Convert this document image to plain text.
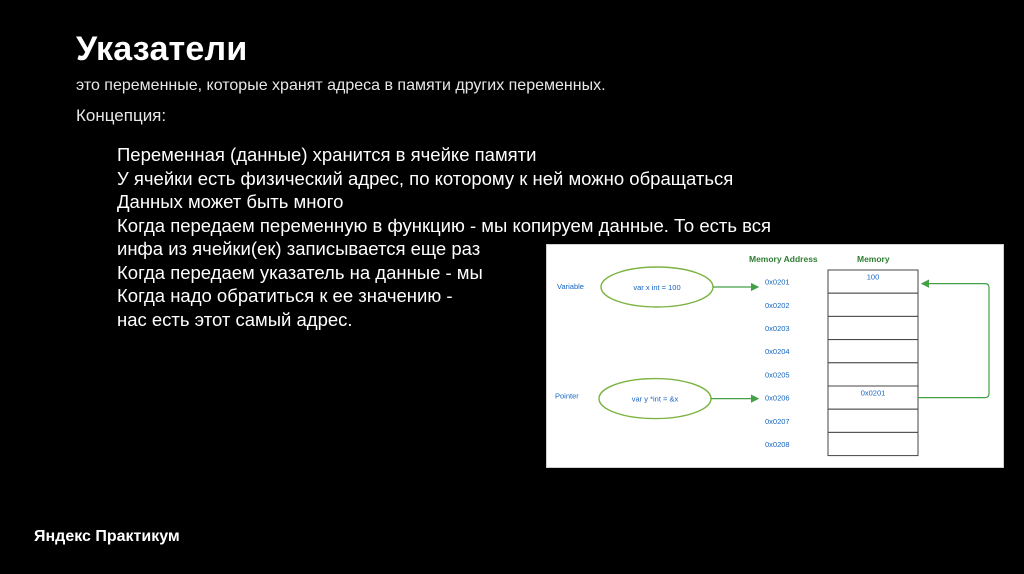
Указатели
это переменные, которые хранят адреса в памяти других переменных.
Концепция:
Переменная (данные) хранится в ячейке памяти
У ячейки есть физический адрес, по которому к ней можно обращаться
Данных может быть много
Когда передаем переменную в функцию - мы копируем данные. То есть вся
инфа из ячейки(ек) записывается еще раз
Когда передаем указатель на данные - мы
Когда надо обратиться к ее значению -
нас есть этот самый адрес.
Memory Address	Memory
0x0201
100
0x0202
0x0203
0x0204
0x0205
0x0206
0x0201
0x0207
0x0208
Variable	var x int = 100
Pointer	var y *int = &x
Яндекс Практикум
